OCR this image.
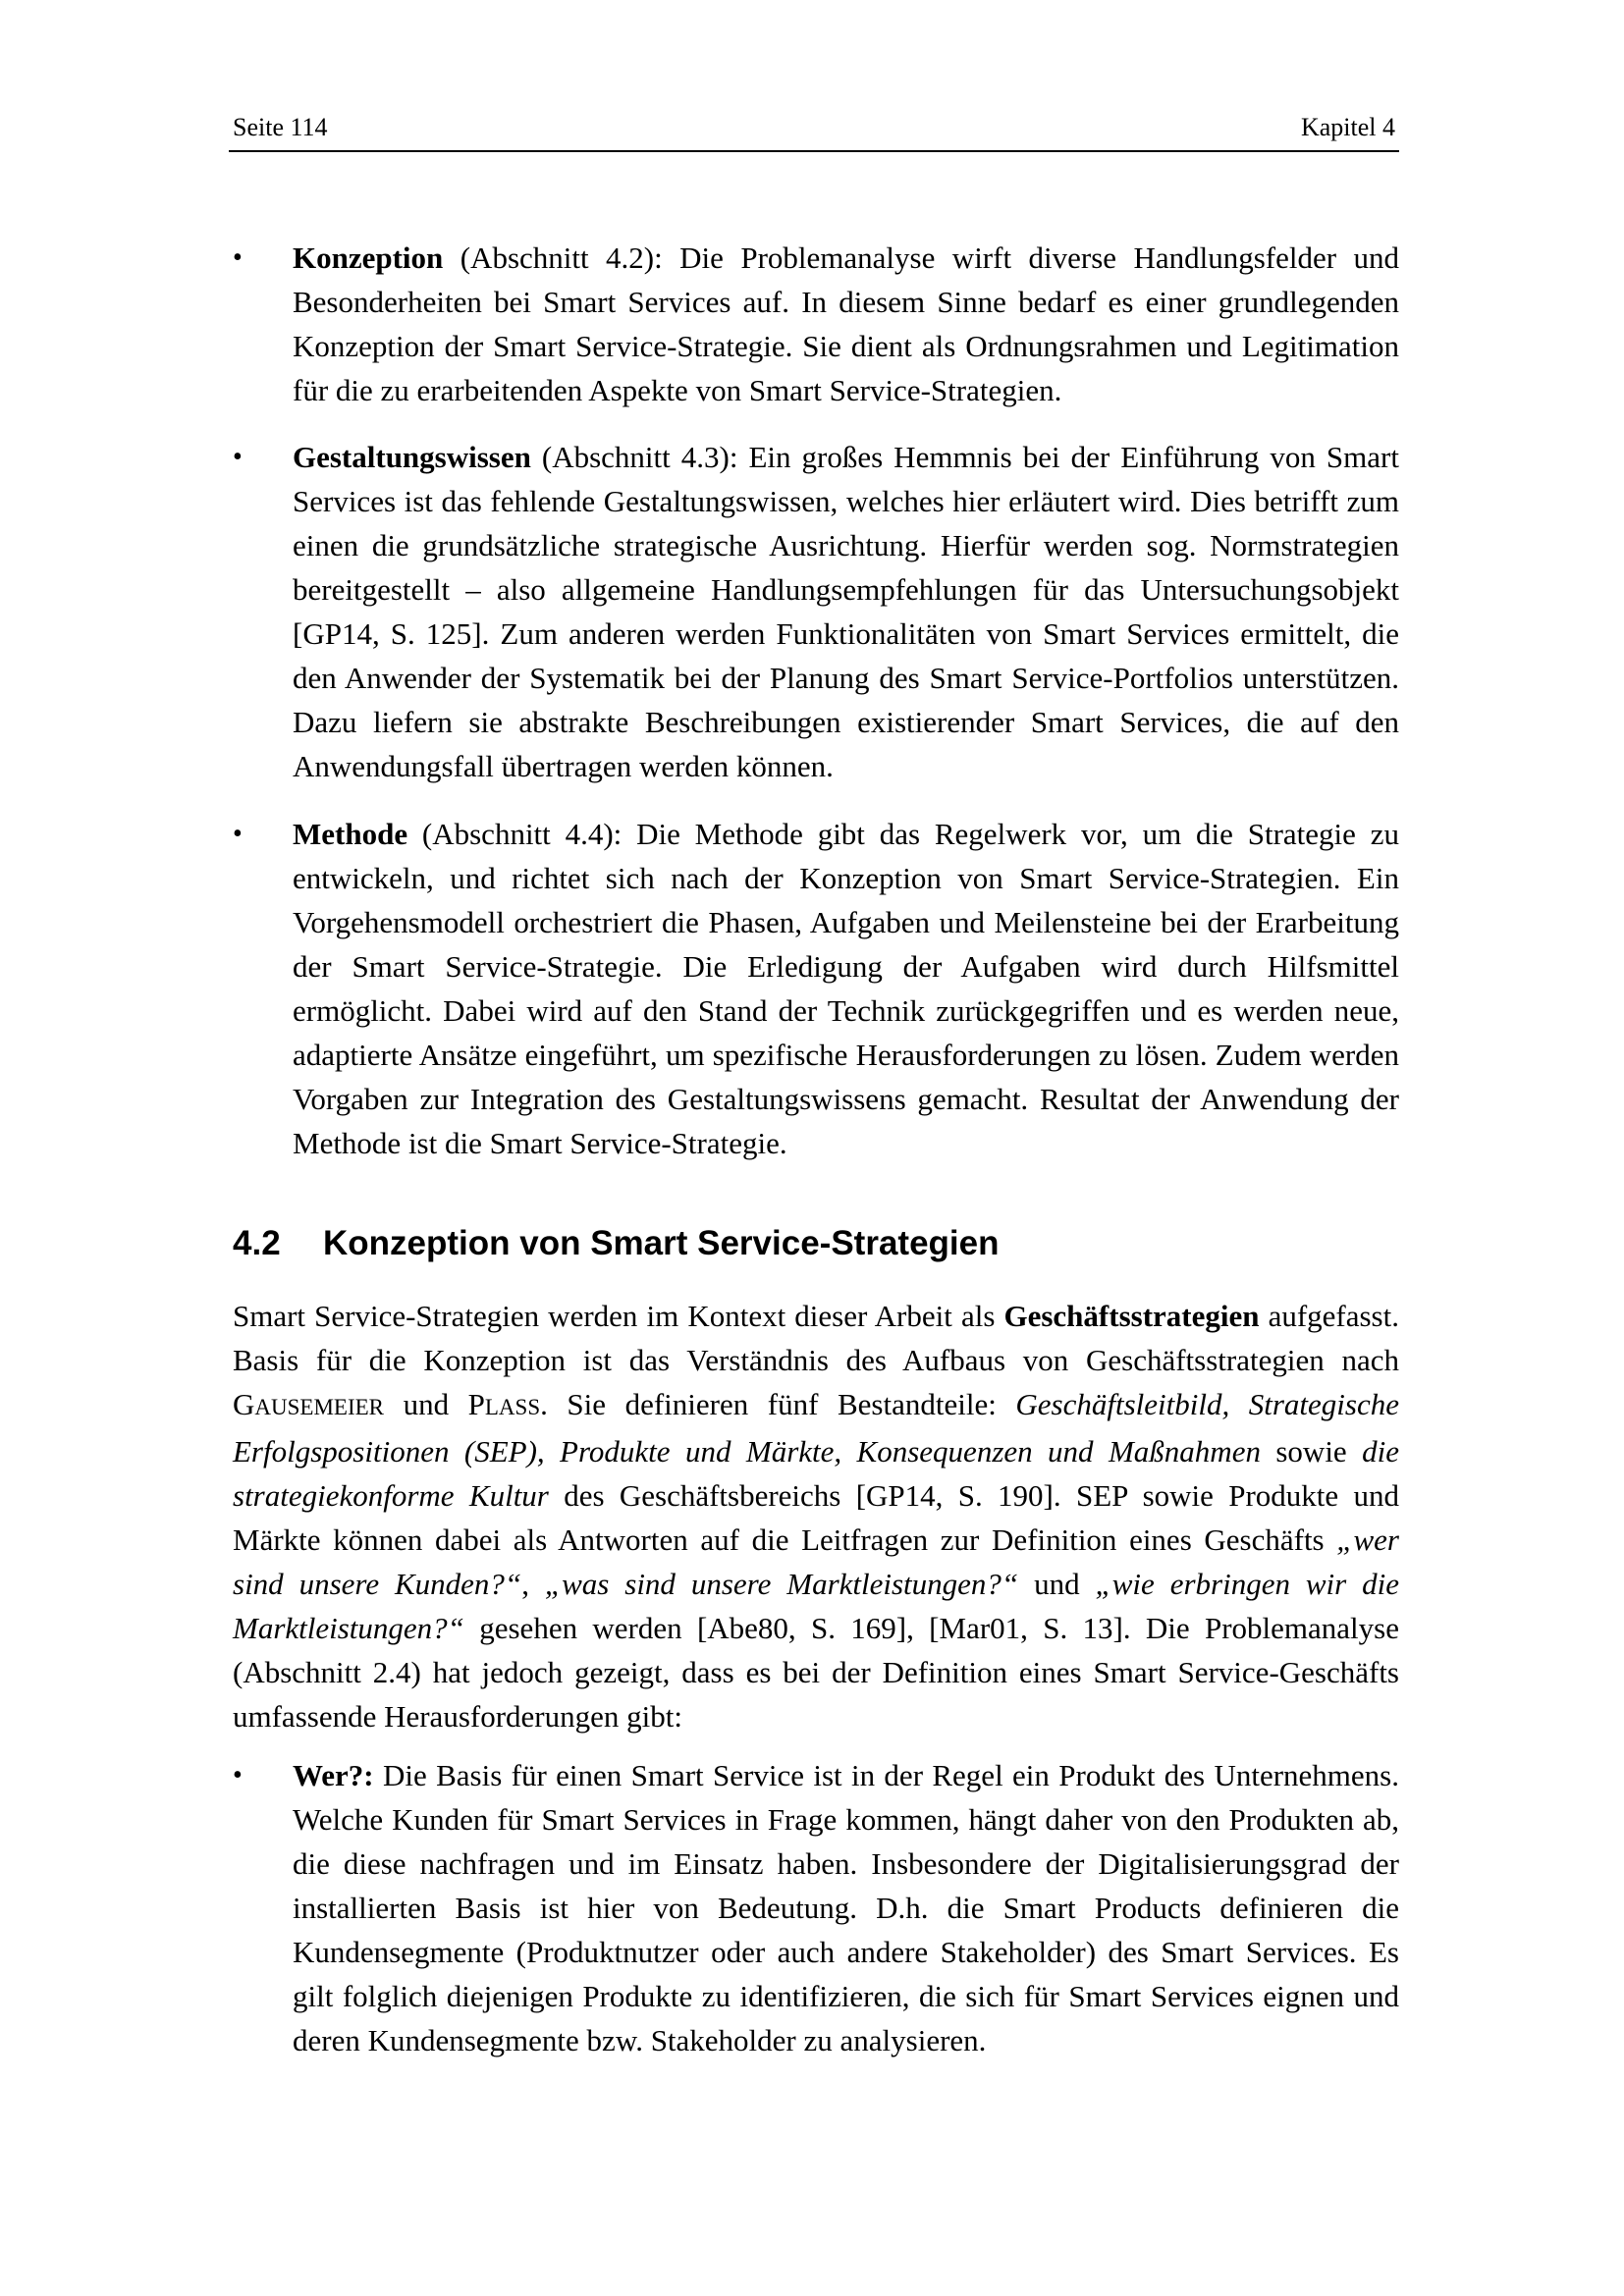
Seite 114	Kapitel 4
• Konzeption (Abschnitt 4.2): Die Problemanalyse wirft diverse Handlungsfelder und Besonderheiten bei Smart Services auf. In diesem Sinne bedarf es einer grundlegenden Konzeption der Smart Service-Strategie. Sie dient als Ordnungsrahmen und Legitimation für die zu erarbeitenden Aspekte von Smart Service-Strategien.

• Gestaltungswissen (Abschnitt 4.3): Ein großes Hemmnis bei der Einführung von Smart Services ist das fehlende Gestaltungswissen, welches hier erläutert wird. Dies betrifft zum einen die grundsätzliche strategische Ausrichtung. Hierfür werden sog. Normstrategien bereitgestellt – also allgemeine Handlungsempfehlungen für das Untersuchungsobjekt [GP14, S. 125]. Zum anderen werden Funktionalitäten von Smart Services ermittelt, die den Anwender der Systematik bei der Planung des Smart Service-Portfolios unterstützen. Dazu liefern sie abstrakte Beschreibungen existierender Smart Services, die auf den Anwendungsfall übertragen werden können.

• Methode (Abschnitt 4.4): Die Methode gibt das Regelwerk vor, um die Strategie zu entwickeln, und richtet sich nach der Konzeption von Smart Service-Strategien. Ein Vorgehensmodell orchestriert die Phasen, Aufgaben und Meilensteine bei der Erarbeitung der Smart Service-Strategie. Die Erledigung der Aufgaben wird durch Hilfsmittel ermöglicht. Dabei wird auf den Stand der Technik zurückgegriffen und es werden neue, adaptierte Ansätze eingeführt, um spezifische Herausforderungen zu lösen. Zudem werden Vorgaben zur Integration des Gestaltungswissens gemacht. Resultat der Anwendung der Methode ist die Smart Service-Strategie.

4.2 Konzeption von Smart Service-Strategien

Smart Service-Strategien werden im Kontext dieser Arbeit als Geschäftsstrategien aufgefasst. Basis für die Konzeption ist das Verständnis des Aufbaus von Geschäftsstrategien nach GAUSEMEIER und PLASS. Sie definieren fünf Bestandteile: Geschäftsleitbild, Strategische Erfolgspositionen (SEP), Produkte und Märkte, Konsequenzen und Maßnahmen sowie die strategiekonforme Kultur des Geschäftsbereichs [GP14, S. 190]. SEP sowie Produkte und Märkte können dabei als Antworten auf die Leitfragen zur Definition eines Geschäfts „wer sind unsere Kunden?“, „was sind unsere Marktleistungen?“ und „wie erbringen wir die Marktleistungen?“ gesehen werden [Abe80, S. 169], [Mar01, S. 13]. Die Problemanalyse (Abschnitt 2.4) hat jedoch gezeigt, dass es bei der Definition eines Smart Service-Geschäfts umfassende Herausforderungen gibt:

• Wer?: Die Basis für einen Smart Service ist in der Regel ein Produkt des Unternehmens. Welche Kunden für Smart Services in Frage kommen, hängt daher von den Produkten ab, die diese nachfragen und im Einsatz haben. Insbesondere der Digitalisierungsgrad der installierten Basis ist hier von Bedeutung. D.h. die Smart Products definieren die Kundensegmente (Produktnutzer oder auch andere Stakeholder) des Smart Services. Es gilt folglich diejenigen Produkte zu identifizieren, die sich für Smart Services eignen und deren Kundensegmente bzw. Stakeholder zu analysieren.
